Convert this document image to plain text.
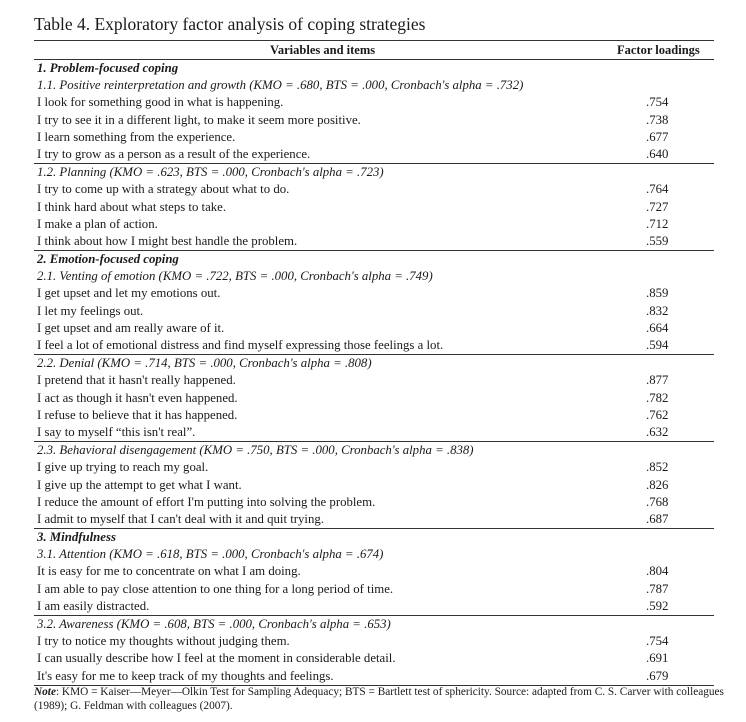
Table 4. Exploratory factor analysis of coping strategies
Variables and items	Factor loadings
1. Problem-focused coping
1.1. Positive reinterpretation and growth (KMO = .680, BTS = .000, Cronbach's alpha = .732)
I look for something good in what is happening.	.754
I try to see it in a different light, to make it seem more positive.	.738
I learn something from the experience.	.677
I try to grow as a person as a result of the experience.	.640
1.2. Planning (KMO = .623, BTS = .000, Cronbach's alpha = .723)
I try to come up with a strategy about what to do.	.764
I think hard about what steps to take.	.727
I make a plan of action.	.712
I think about how I might best handle the problem.	.559
2. Emotion-focused coping
2.1. Venting of emotion (KMO = .722, BTS = .000, Cronbach's alpha = .749)
I get upset and let my emotions out.	.859
I let my feelings out.	.832
I get upset and am really aware of it.	.664
I feel a lot of emotional distress and find myself expressing those feelings a lot.	.594
2.2. Denial (KMO = .714, BTS = .000, Cronbach's alpha = .808)
I pretend that it hasn't really happened.	.877
I act as though it hasn't even happened.	.782
I refuse to believe that it has happened.	.762
I say to myself “this isn't real”.	.632
2.3. Behavioral disengagement (KMO = .750, BTS = .000, Cronbach's alpha = .838)
I give up trying to reach my goal.	.852
I give up the attempt to get what I want.	.826
I reduce the amount of effort I'm putting into solving the problem.	.768
I admit to myself that I can't deal with it and quit trying.	.687
3. Mindfulness
3.1. Attention (KMO = .618, BTS = .000, Cronbach's alpha = .674)
It is easy for me to concentrate on what I am doing.	.804
I am able to pay close attention to one thing for a long period of time.	.787
I am easily distracted.	.592
3.2. Awareness (KMO = .608, BTS = .000, Cronbach's alpha = .653)
I try to notice my thoughts without judging them.	.754
I can usually describe how I feel at the moment in considerable detail.	.691
It's easy for me to keep track of my thoughts and feelings.	.679
Note: KMO = Kaiser—Meyer—Olkin Test for Sampling Adequacy; BTS = Bartlett test of sphericity. Source: adapted from C. S. Carver with colleagues (1989); G. Feldman with colleagues (2007).
